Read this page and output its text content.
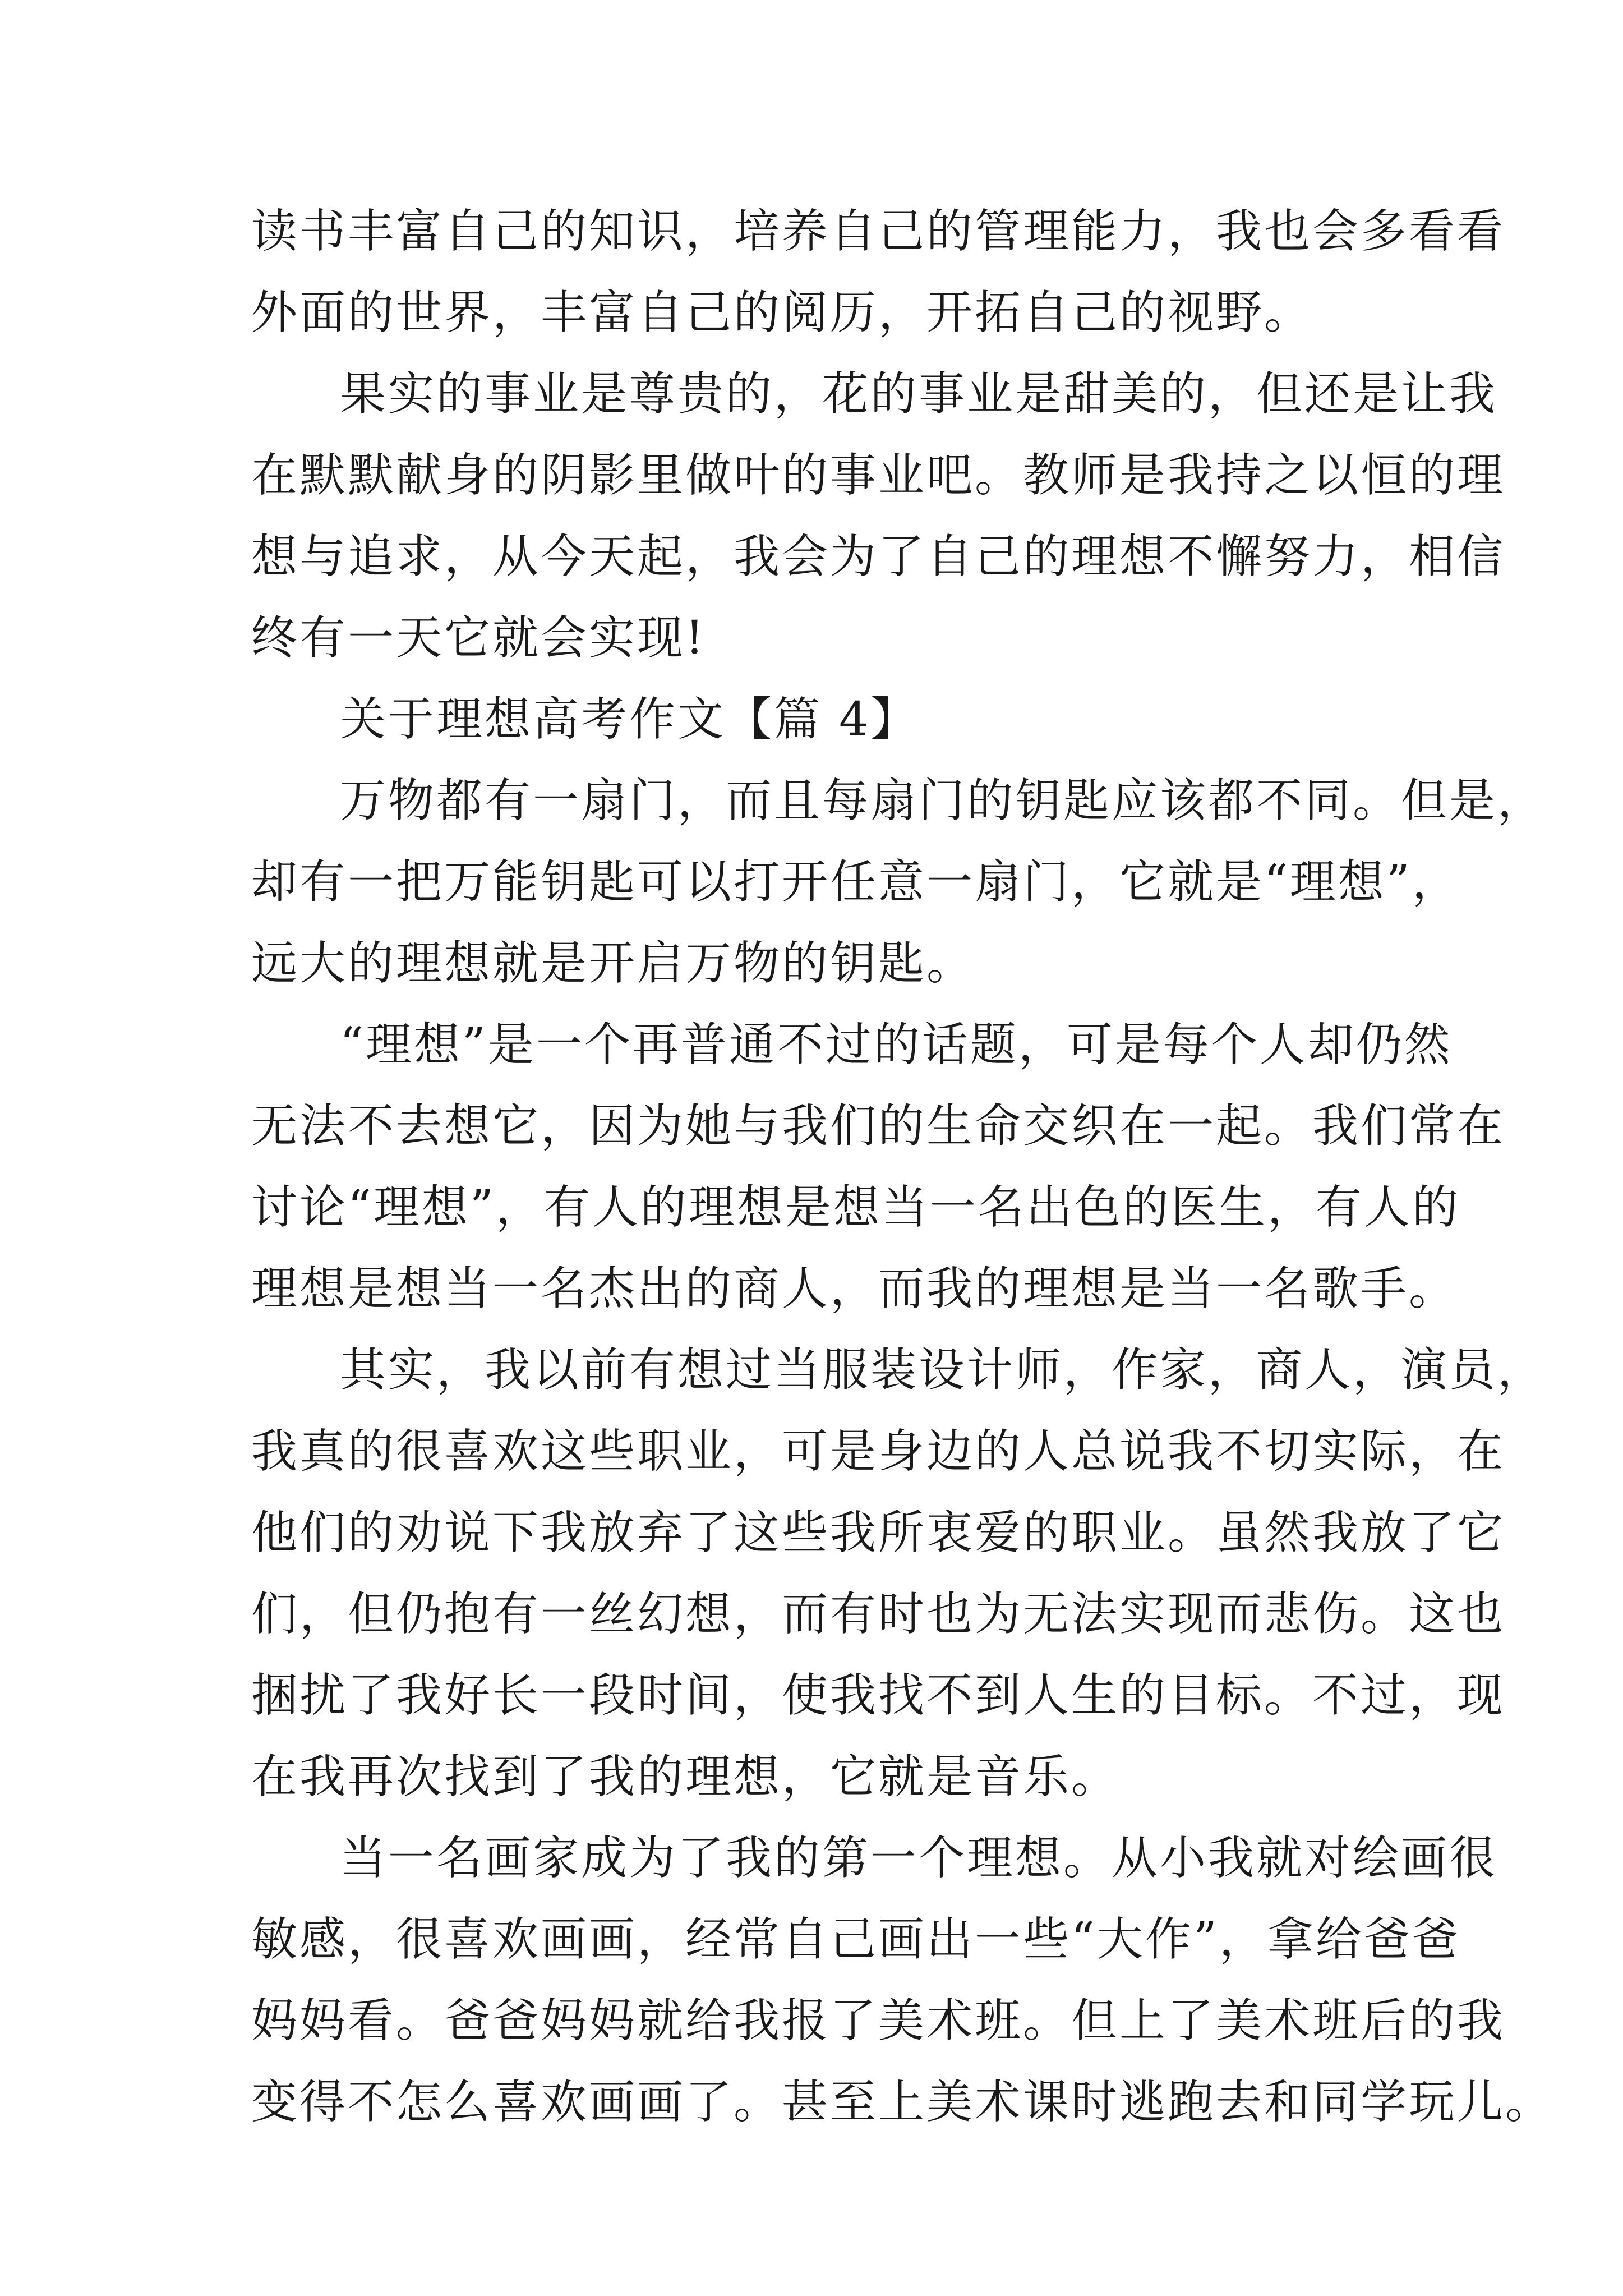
读书丰富自己的知识，培养自己的管理能力，我也会多看看
外面的世界，丰富自己的阅历，开拓自己的视野。
果实的事业是尊贵的，花的事业是甜美的，但还是让我
在默默献身的阴影里做叶的事业吧。教师是我持之以恒的理
想与追求，从今天起，我会为了自己的理想不懈努力，相信
终有一天它就会实现!
关于理想高考作文【篇 4】
万物都有一扇门，而且每扇门的钥匙应该都不同。但是，
却有一把万能钥匙可以打开任意一扇门，它就是“理想”，
远大的理想就是开启万物的钥匙。
“理想”是一个再普通不过的话题，可是每个人却仍然
无法不去想它，因为她与我们的生命交织在一起。我们常在
讨论“理想”，有人的理想是想当一名出色的医生，有人的
理想是想当一名杰出的商人，而我的理想是当一名歌手。
其实，我以前有想过当服装设计师，作家，商人，演员，
我真的很喜欢这些职业，可是身边的人总说我不切实际，在
他们的劝说下我放弃了这些我所衷爱的职业。虽然我放了它
们，但仍抱有一丝幻想，而有时也为无法实现而悲伤。这也
捆扰了我好长一段时间，使我找不到人生的目标。不过，现
在我再次找到了我的理想，它就是音乐。
当一名画家成为了我的第一个理想。从小我就对绘画很
敏感，很喜欢画画，经常自己画出一些“大作”，拿给爸爸
妈妈看。爸爸妈妈就给我报了美术班。但上了美术班后的我
变得不怎么喜欢画画了。甚至上美术课时逃跑去和同学玩儿。
